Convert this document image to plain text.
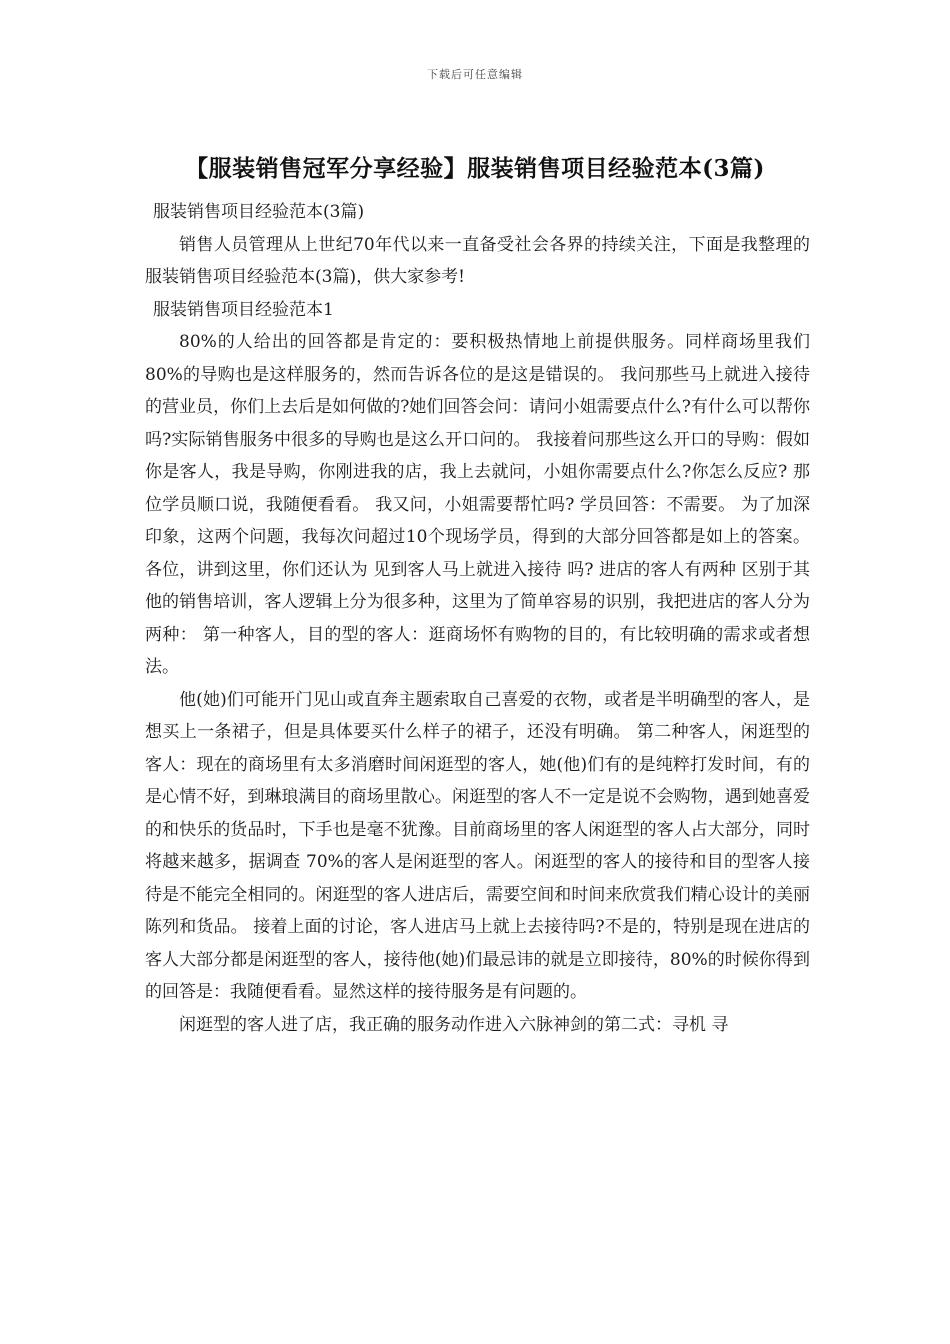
下载后可任意编辑
【服装销售冠军分享经验】服装销售项目经验范本(3篇)

服装销售项目经验范本(3篇)

销售人员管理从上世纪70年代以来一直备受社会各界的持续关注，下面是我整理的服装销售项目经验范本(3篇)，供大家参考!

服装销售项目经验范本1

80%的人给出的回答都是肯定的：要积极热情地上前提供服务。同样商场里我们80%的导购也是这样服务的，然而告诉各位的是这是错误的。 我问那些马上就进入接待的营业员，你们上去后是如何做的?她们回答会问：请问小姐需要点什么?有什么可以帮你吗?实际销售服务中很多的导购也是这么开口问的。 我接着问那些这么开口的导购：假如你是客人，我是导购，你刚进我的店，我上去就问，小姐你需要点什么?你怎么反应? 那位学员顺口说，我随便看看。 我又问，小姐需要帮忙吗? 学员回答：不需要。 为了加深印象，这两个问题，我每次问超过10个现场学员，得到的大部分回答都是如上的答案。 各位，讲到这里，你们还认为 见到客人马上就进入接待 吗? 进店的客人有两种 区别于其他的销售培训，客人逻辑上分为很多种，这里为了简单容易的识别，我把进店的客人分为两种： 第一种客人，目的型的客人：逛商场怀有购物的目的，有比较明确的需求或者想法。

他(她)们可能开门见山或直奔主题索取自己喜爱的衣物，或者是半明确型的客人，是想买上一条裙子，但是具体要买什么样子的裙子，还没有明确。 第二种客人，闲逛型的客人：现在的商场里有太多消磨时间闲逛型的客人，她(他)们有的是纯粹打发时间，有的是心情不好，到琳琅满目的商场里散心。闲逛型的客人不一定是说不会购物，遇到她喜爱的和快乐的货品时，下手也是毫不犹豫。目前商场里的客人闲逛型的客人占大部分，同时将越来越多，据调查 70%的客人是闲逛型的客人。闲逛型的客人的接待和目的型客人接待是不能完全相同的。闲逛型的客人进店后，需要空间和时间来欣赏我们精心设计的美丽陈列和货品。 接着上面的讨论，客人进店马上就上去接待吗?不是的，特别是现在进店的客人大部分都是闲逛型的客人，接待他(她)们最忌讳的就是立即接待，80%的时候你得到的回答是：我随便看看。显然这样的接待服务是有问题的。

闲逛型的客人进了店，我正确的服务动作进入六脉神剑的第二式：寻机 寻
